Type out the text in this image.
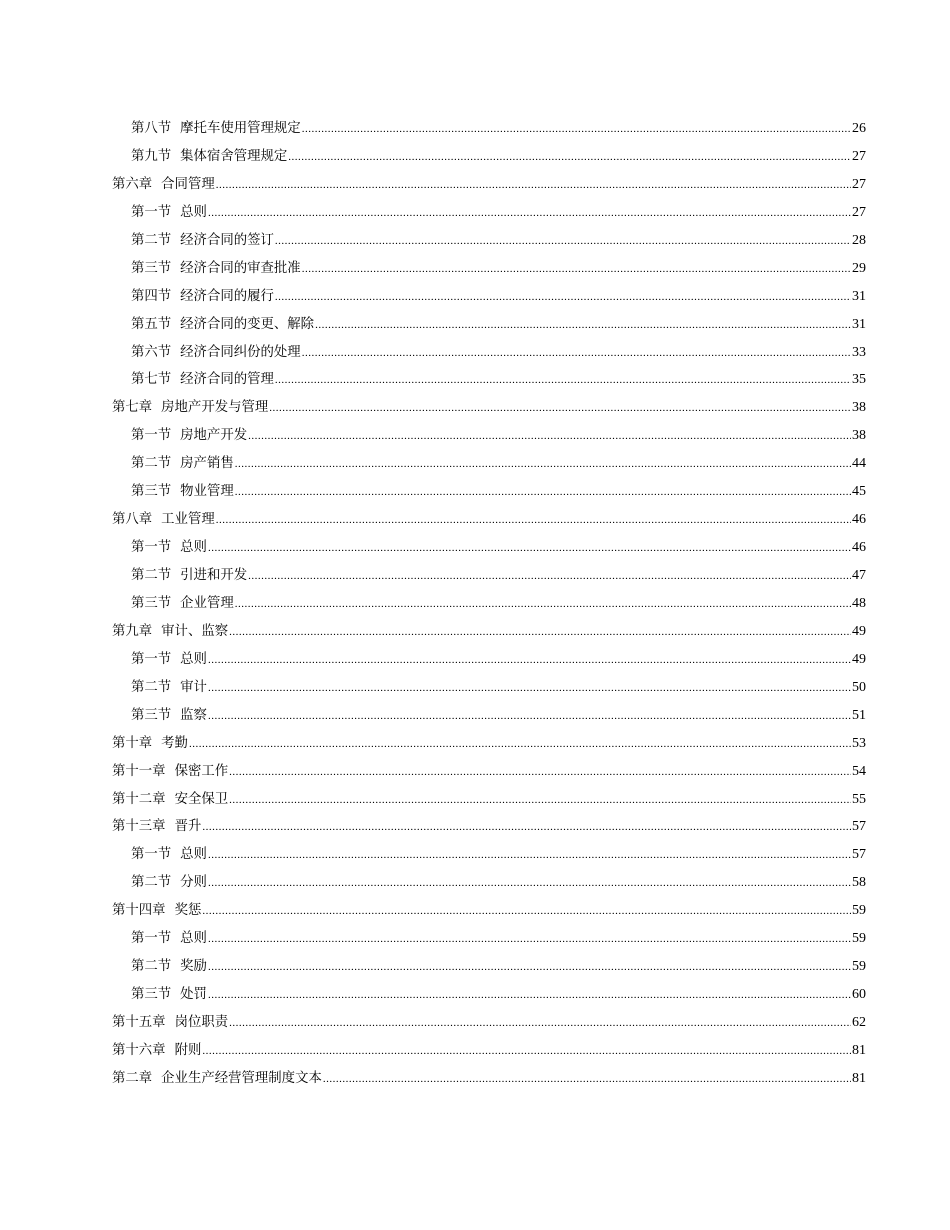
第八节 摩托车使用管理规定 .....	26
第九节 集体宿舍管理规定 .....	27
第六章 合同管理 .....	27
第一节 总则 .....	27
第二节 经济合同的签订 .....	28
第三节 经济合同的审查批准 .....	29
第四节 经济合同的履行 .....	31
第五节 经济合同的变更、解除 .....	31
第六节 经济合同纠份的处理 .....	33
第七节 经济合同的管理 .....	35
第七章 房地产开发与管理 .....	38
第一节 房地产开发 .....	38
第二节 房产销售 .....	44
第三节 物业管理 .....	45
第八章 工业管理 .....	46
第一节 总则 .....	46
第二节 引进和开发 .....	47
第三节 企业管理 .....	48
第九章 审计、监察 .....	49
第一节 总则 .....	49
第二节 审计 .....	50
第三节 监察 .....	51
第十章 考勤 .....	53
第十一章 保密工作 .....	54
第十二章 安全保卫 .....	55
第十三章 晋升 .....	57
第一节 总则 .....	57
第二节 分则 .....	58
第十四章 奖惩 .....	59
第一节 总则 .....	59
第二节 奖励 .....	59
第三节 处罚 .....	60
第十五章 岗位职责 .....	62
第十六章 附则 .....	81
第二章 企业生产经营管理制度文本 .....	81
